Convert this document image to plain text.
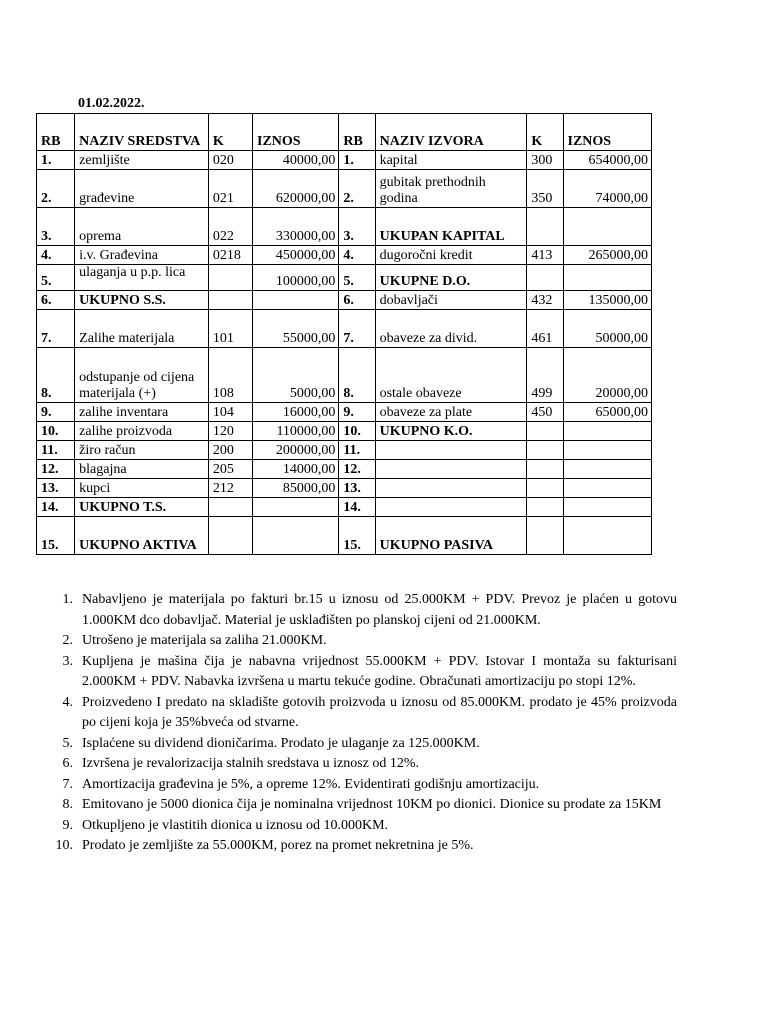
01.02.2022.
RB	NAZIV SREDSTVA	K	IZNOS	RB	NAZIV IZVORA	K	IZNOS
1.	zemljište	020	40000,00	1.	kapital	300	654000,00
2.	građevine	021	620000,00	2.	gubitak prethodnih godina	350	74000,00
3.	oprema	022	330000,00	3.	UKUPAN KAPITAL		
4.	i.v. Građevina	0218	450000,00	4.	dugoročni kredit	413	265000,00
5.	ulaganja u p.p. lica		100000,00	5.	UKUPNE D.O.		
6.	UKUPNO S.S.			6.	dobavljači	432	135000,00
7.	Zalihe materijala	101	55000,00	7.	obaveze za divid.	461	50000,00
8.	odstupanje od cijena materijala (+)	108	5000,00	8.	ostale obaveze	499	20000,00
9.	zalihe inventara	104	16000,00	9.	obaveze za plate	450	65000,00
10.	zalihe proizvoda	120	110000,00	10.	UKUPNO K.O.		
11.	žiro račun	200	200000,00	11.			
12.	blagajna	205	14000,00	12.			
13.	kupci	212	85000,00	13.			
14.	UKUPNO T.S.			14.			
15.	UKUPNO AKTIVA			15.	UKUPNO PASIVA		
1. Nabavljeno je materijala po fakturi br.15 u iznosu od 25.000KM + PDV. Prevoz je plaćen u gotovu 1.000KM dco dobavljač. Material je usklađišten po planskoj cijeni od 21.000KM.
2. Utrošeno je materijala sa zaliha 21.000KM.
3. Kupljena je mašina čija je nabavna vrijednost 55.000KM + PDV. Istovar I montaža su fakturisani 2.000KM + PDV. Nabavka izvršena u martu tekuće godine. Obračunati amortizaciju po stopi 12%.
4. Proizvedeno I predato na skladište gotovih proizvoda u iznosu od 85.000KM. prodato je 45% proizvoda po cijeni koja je 35%bveća od stvarne.
5. Isplaćene su dividend dioničarima. Prodato je ulaganje za 125.000KM.
6. Izvršena je revalorizacija stalnih sredstava u iznosz od 12%.
7. Amortizacija građevina je 5%, a opreme 12%. Evidentirati godišnju amortizaciju.
8. Emitovano je 5000 dionica čija je nominalna vrijednost 10KM po dionici. Dionice su prodate za 15KM
9. Otkupljeno je vlastitih dionica u iznosu od 10.000KM.
10. Prodato je zemljište za 55.000KM, porez na promet nekretnina je 5%.
